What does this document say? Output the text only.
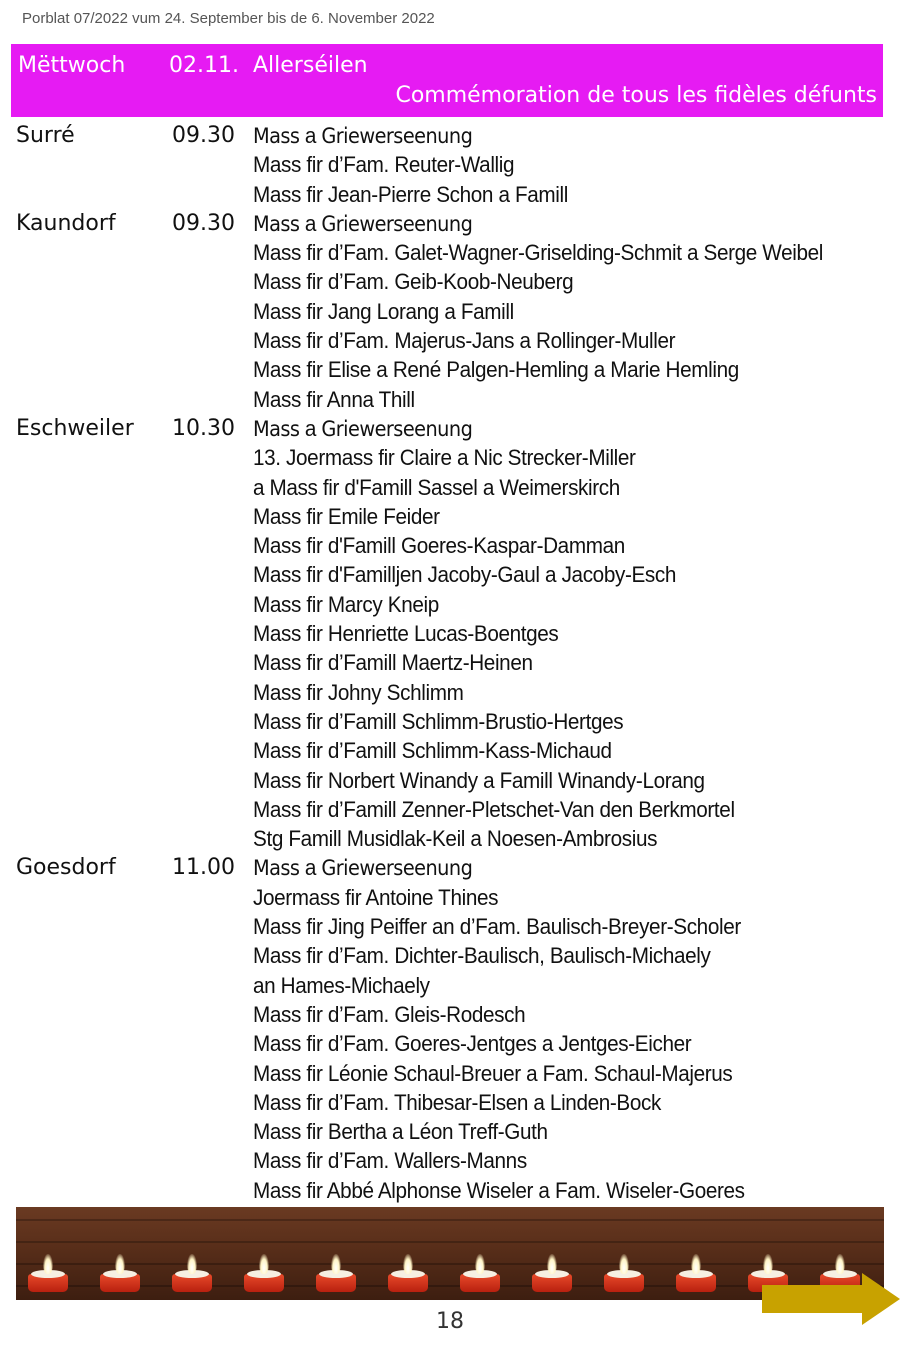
Porblat 07/2022 vum 24. September bis de 6. November 2022
Mëttwoch 02.11. Allerséilen
Commémoration de tous les fidèles défunts
Surré	09.30 Mass a Griewerseenung
Mass fir d’Fam. Reuter-Wallig
Mass fir Jean-Pierre Schon a Famill
Kaundorf	09.30 Mass a Griewerseenung
Mass fir d’Fam. Galet-Wagner-Griselding-Schmit a Serge Weibel
Mass fir d’Fam. Geib-Koob-Neuberg
Mass fir Jang Lorang a Famill
Mass fir d’Fam. Majerus-Jans a Rollinger-Muller
Mass fir Elise a René Palgen-Hemling a Marie Hemling
Mass fir Anna Thill
Eschweiler 10.30 Mass a Griewerseenung
13. Joermass fir Claire a Nic Strecker-Miller
a Mass fir d'Famill Sassel a Weimerskirch
Mass fir Emile Feider
Mass fir d'Famill Goeres-Kaspar-Damman
Mass fir d'Familljen Jacoby-Gaul a Jacoby-Esch
Mass fir Marcy Kneip
Mass fir Henriette Lucas-Boentges
Mass fir d’Famill Maertz-Heinen
Mass fir Johny Schlimm
Mass fir d’Famill Schlimm-Brustio-Hertges
Mass fir d’Famill Schlimm-Kass-Michaud
Mass fir Norbert Winandy a Famill Winandy-Lorang
Mass fir d’Famill Zenner-Pletschet-Van den Berkmortel
Stg Famill Musidlak-Keil a Noesen-Ambrosius
Goesdorf	11.00 Mass a Griewerseenung
Joermass fir Antoine Thines
Mass fir Jing Peiffer an d’Fam. Baulisch-Breyer-Scholer
Mass fir d’Fam. Dichter-Baulisch, Baulisch-Michaely
an Hames-Michaely
Mass fir d’Fam. Gleis-Rodesch
Mass fir d’Fam. Goeres-Jentges a Jentges-Eicher
Mass fir Léonie Schaul-Breuer a Fam. Schaul-Majerus
Mass fir d’Fam. Thibesar-Elsen a Linden-Bock
Mass fir Bertha a Léon Treff-Guth
Mass fir d’Fam. Wallers-Manns
Mass fir Abbé Alphonse Wiseler a Fam. Wiseler-Goeres
18
